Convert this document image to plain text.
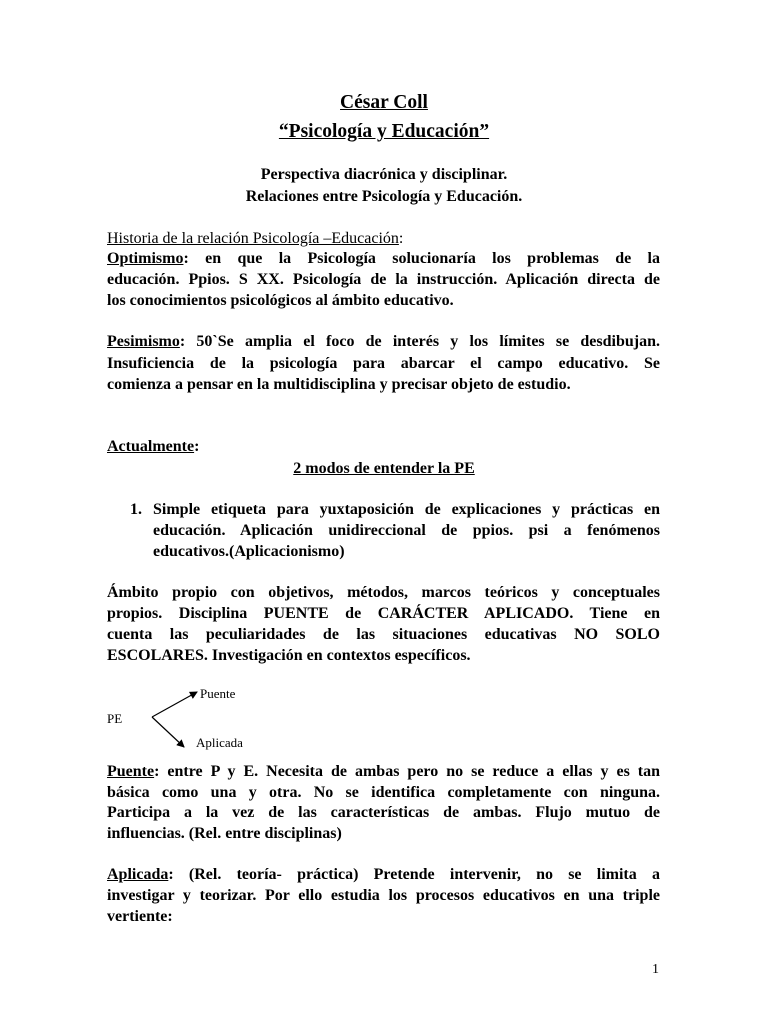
César Coll
“Psicología y Educación”
Perspectiva diacrónica y disciplinar.
Relaciones entre Psicología y Educación.
Historia de la relación Psicología –Educación:
Optimismo: en que la Psicología solucionaría los problemas de la
educación. Ppios. S XX. Psicología de la instrucción. Aplicación directa de
los conocimientos psicológicos al ámbito educativo.
Pesimismo: 50`Se amplia el foco de interés y los límites se desdibujan.
Insuficiencia de la psicología para abarcar el campo educativo. Se
comienza a pensar en la multidisciplina y precisar objeto de estudio.
Actualmente:
2 modos de entender la PE
1. Simple etiqueta para yuxtaposición de explicaciones y prácticas en
educación. Aplicación unidireccional de ppios. psi a fenómenos
educativos.(Aplicacionismo)
Ámbito propio con objetivos, métodos, marcos teóricos y conceptuales
propios. Disciplina PUENTE de CARÁCTER APLICADO. Tiene en
cuenta las peculiaridades de las situaciones educativas NO SOLO
ESCOLARES. Investigación en contextos específicos.
Puente
PE
Aplicada
Puente: entre P y E. Necesita de ambas pero no se reduce a ellas y es tan
básica como una y otra. No se identifica completamente con ninguna.
Participa a la vez de las características de ambas. Flujo mutuo de
influencias. (Rel. entre disciplinas)
Aplicada: (Rel. teoría- práctica) Pretende intervenir, no se limita a
investigar y teorizar. Por ello estudia los procesos educativos en una triple
vertiente:
1
